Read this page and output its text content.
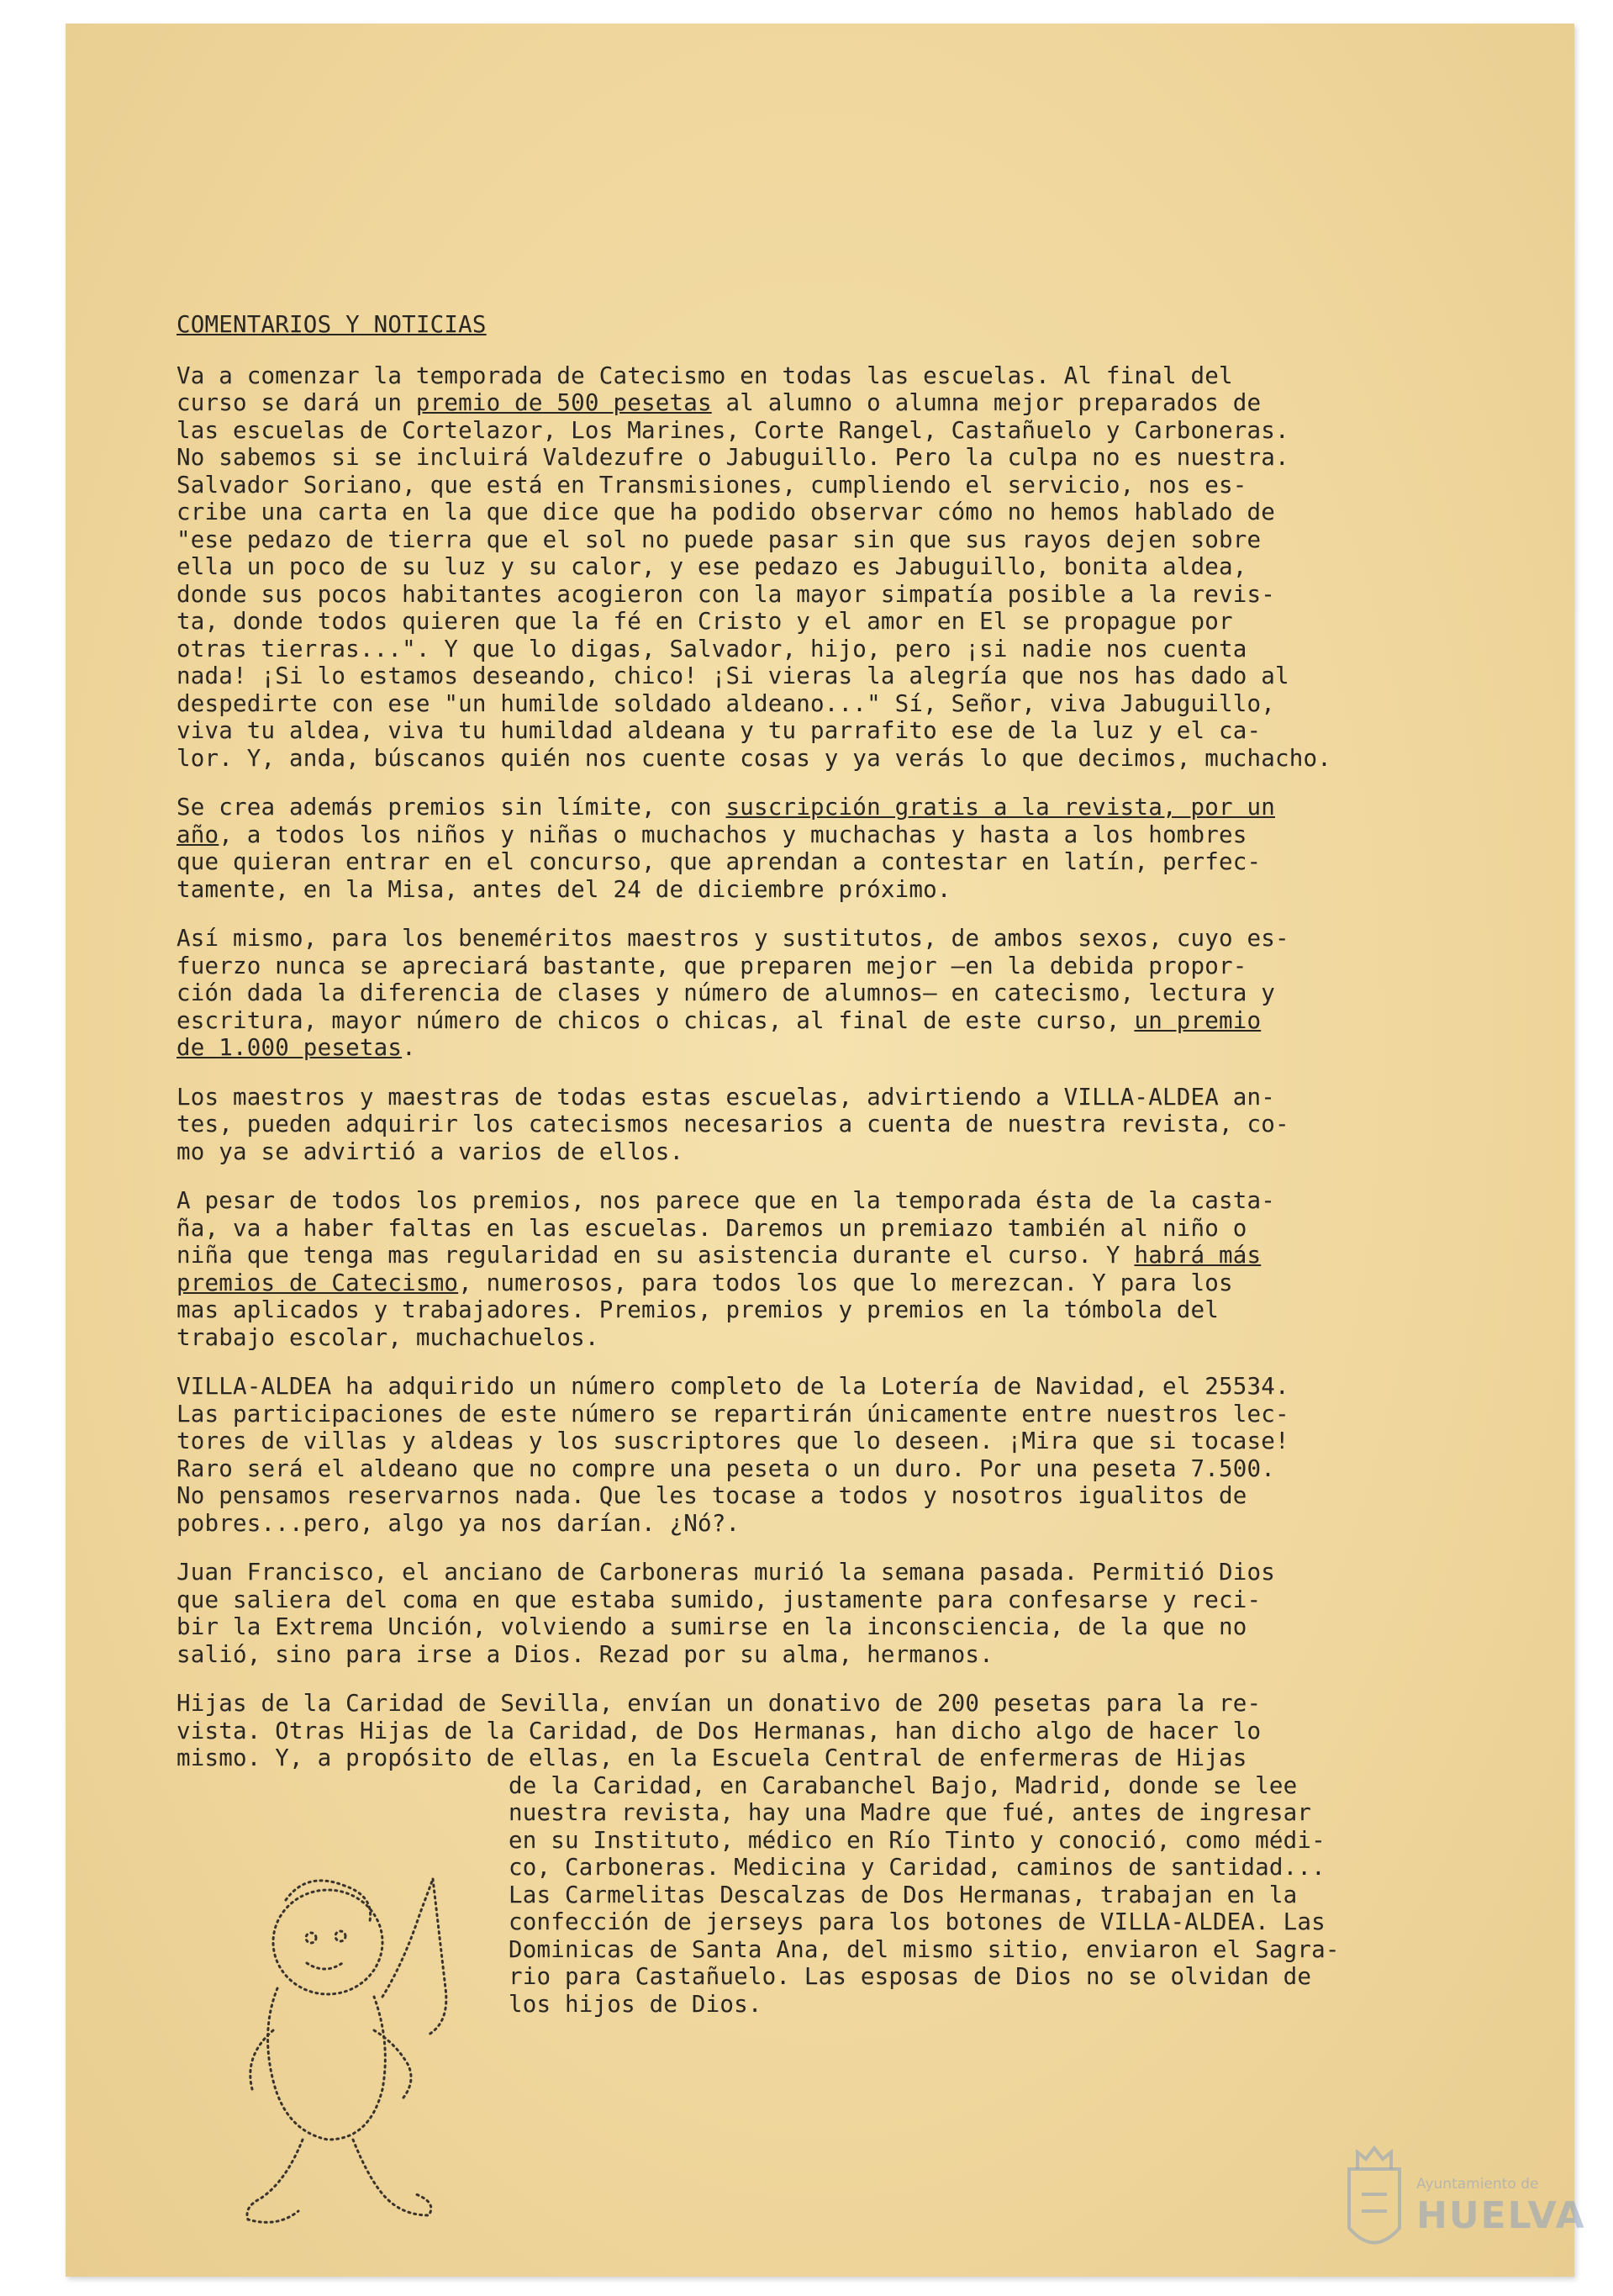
COMENTARIOS Y NOTICIAS
Va a comenzar la temporada de Catecismo en todas las escuelas. Al final del
curso se dará un premio de 500 pesetas al alumno o alumna mejor preparados de
las escuelas de Cortelazor, Los Marines, Corte Rangel, Castañuelo y Carboneras.
No sabemos si se incluirá Valdezufre o Jabuguillo. Pero la culpa no es nuestra.
Salvador Soriano, que está en Transmisiones, cumpliendo el servicio, nos es-
cribe una carta en la que dice que ha podido observar cómo no hemos hablado de
"ese pedazo de tierra que el sol no puede pasar sin que sus rayos dejen sobre
ella un poco de su luz y su calor, y ese pedazo es Jabuguillo, bonita aldea,
donde sus pocos habitantes acogieron con la mayor simpatía posible a la revis-
ta, donde todos quieren que la fé en Cristo y el amor en El se propague por
otras tierras...". Y que lo digas, Salvador, hijo, pero ¡si nadie nos cuenta
nada! ¡Si lo estamos deseando, chico! ¡Si vieras la alegría que nos has dado al
despedirte con ese "un humilde soldado aldeano..." Sí, Señor, viva Jabuguillo,
viva tu aldea, viva tu humildad aldeana y tu parrafito ese de la luz y el ca-
lor. Y, anda, búscanos quién nos cuente cosas y ya verás lo que decimos, muchacho.
Se crea además premios sin límite, con suscripción gratis a la revista, por un
año, a todos los niños y niñas o muchachos y muchachas y hasta a los hombres
que quieran entrar en el concurso, que aprendan a contestar en latín, perfec-
tamente, en la Misa, antes del 24 de diciembre próximo.
Así mismo, para los beneméritos maestros y sustitutos, de ambos sexos, cuyo es-
fuerzo nunca se apreciará bastante, que preparen mejor —en la debida propor-
ción dada la diferencia de clases y número de alumnos— en catecismo, lectura y
escritura, mayor número de chicos o chicas, al final de este curso, un premio
de 1.000 pesetas.
Los maestros y maestras de todas estas escuelas, advirtiendo a VILLA-ALDEA an-
tes, pueden adquirir los catecismos necesarios a cuenta de nuestra revista, co-
mo ya se advirtió a varios de ellos.
A pesar de todos los premios, nos parece que en la temporada ésta de la casta-
ña, va a haber faltas en las escuelas. Daremos un premiazo también al niño o
niña que tenga mas regularidad en su asistencia durante el curso. Y habrá más
premios de Catecismo, numerosos, para todos los que lo merezcan. Y para los
mas aplicados y trabajadores. Premios, premios y premios en la tómbola del
trabajo escolar, muchachuelos.
VILLA-ALDEA ha adquirido un número completo de la Lotería de Navidad, el 25534.
Las participaciones de este número se repartirán únicamente entre nuestros lec-
tores de villas y aldeas y los suscriptores que lo deseen. ¡Mira que si tocase!
Raro será el aldeano que no compre una peseta o un duro. Por una peseta 7.500.
No pensamos reservarnos nada. Que les tocase a todos y nosotros igualitos de
pobres...pero, algo ya nos darían. ¿Nó?.
Juan Francisco, el anciano de Carboneras murió la semana pasada. Permitió Dios
que saliera del coma en que estaba sumido, justamente para confesarse y reci-
bir la Extrema Unción, volviendo a sumirse en la inconsciencia, de la que no
salió, sino para irse a Dios. Rezad por su alma, hermanos.
Hijas de la Caridad de Sevilla, envían un donativo de 200 pesetas para la re-
vista. Otras Hijas de la Caridad, de Dos Hermanas, han dicho algo de hacer lo
mismo. Y, a propósito de ellas, en la Escuela Central de enfermeras de Hijas
de la Caridad, en Carabanchel Bajo, Madrid, donde se lee
nuestra revista, hay una Madre que fué, antes de ingresar
en su Instituto, médico en Río Tinto y conoció, como médi-
co, Carboneras. Medicina y Caridad, caminos de santidad...
Las Carmelitas Descalzas de Dos Hermanas, trabajan en la
confección de jerseys para los botones de VILLA-ALDEA. Las
Dominicas de Santa Ana, del mismo sitio, enviaron el Sagra-
rio para Castañuelo. Las esposas de Dios no se olvidan de
los hijos de Dios.
Ayuntamiento de
HUELVA
